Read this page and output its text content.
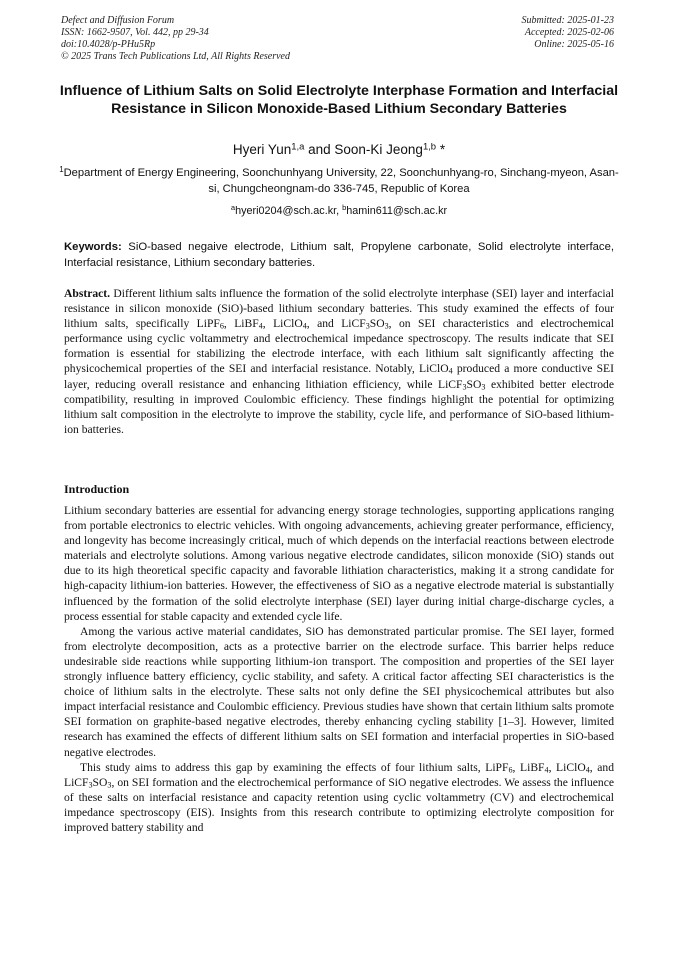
Defect and Diffusion Forum
ISSN: 1662-9507, Vol. 442, pp 29-34
doi:10.4028/p-PHu5Rp
© 2025 Trans Tech Publications Ltd, All Rights Reserved
Submitted: 2025-01-23
Accepted: 2025-02-06
Online: 2025-05-16
Influence of Lithium Salts on Solid Electrolyte Interphase Formation and Interfacial Resistance in Silicon Monoxide-Based Lithium Secondary Batteries
Hyeri Yun$^{1,a}$ and Soon-Ki Jeong$^{1,b}$ *
$^1$Department of Energy Engineering, Soonchunhyang University, 22, Soonchunhyang-ro, Sinchang-myeon, Asan-si, Chungcheongnam-do 336-745, Republic of Korea
$^a$hyeri0204@sch.ac.kr, $^b$hamin611@sch.ac.kr
Keywords: SiO-based negaive electrode, Lithium salt, Propylene carbonate, Solid electrolyte interface, Interfacial resistance, Lithium secondary batteries.
Abstract. Different lithium salts influence the formation of the solid electrolyte interphase (SEI) layer and interfacial resistance in silicon monoxide (SiO)-based lithium secondary batteries. This study examined the effects of four lithium salts, specifically LiPF$_6$, LiBF$_4$, LiClO$_4$, and $LiCF_3SO_3$, on SEI characteristics and electrochemical performance using cyclic voltammetry and electrochemical impedance spectroscopy. The results indicate that SEI formation is essential for stabilizing the electrode interface, with each lithium salt significantly affecting the physicochemical properties of the SEI and interfacial resistance. Notably, LiClO$_4$ produced a more conductive SEI layer, reducing overall resistance and enhancing lithiation efficiency, while $LiCF_3SO_3$ exhibited better electrode compatibility, resulting in improved Coulombic efficiency. These findings highlight the potential for optimizing lithium salt composition in the electrolyte to improve the stability, cycle life, and performance of SiO-based lithium-ion batteries.
Introduction

Lithium secondary batteries are essential for advancing energy storage technologies, supporting applications ranging from portable electronics to electric vehicles. With ongoing advancements, achieving greater performance, efficiency, and longevity has become increasingly critical, much of which depends on the interfacial reactions between electrode materials and electrolyte solutions. Among various negative electrode candidates, silicon monoxide (SiO) stands out due to its high theoretical specific capacity and favorable lithiation characteristics, making it a strong candidate for high-capacity lithium-ion batteries. However, the effectiveness of SiO as a negative electrode material is substantially influenced by the formation of the solid electrolyte interphase (SEI) layer during initial charge-discharge cycles, a process essential for stable capacity and extended cycle life.

Among the various active material candidates, SiO has demonstrated particular promise. The SEI layer, formed from electrolyte decomposition, acts as a protective barrier on the electrode surface. This barrier helps reduce undesirable side reactions while supporting lithium-ion transport. The composition and properties of the SEI layer strongly influence battery efficiency, cyclic stability, and safety. A critical factor affecting SEI characteristics is the choice of lithium salts in the electrolyte. These salts not only define the SEI physicochemical attributes but also impact interfacial resistance and Coulombic efficiency. Previous studies have shown that certain lithium salts promote SEI formation on graphite-based negative electrodes, thereby enhancing cycling stability [1–3]. However, limited research has examined the effects of different lithium salts on SEI formation and interfacial properties in SiO-based negative electrodes.

This study aims to address this gap by examining the effects of four lithium salts, LiPF$_6$, LiBF$_4$, LiClO$_4$, and $LiCF_3SO_3$, on SEI formation and the electrochemical performance of SiO negative electrodes. We assess the influence of these salts on interfacial resistance and capacity retention using cyclic voltammetry (CV) and electrochemical impedance spectroscopy (EIS). Insights from this research contribute to optimizing electrolyte composition for improved battery stability and
